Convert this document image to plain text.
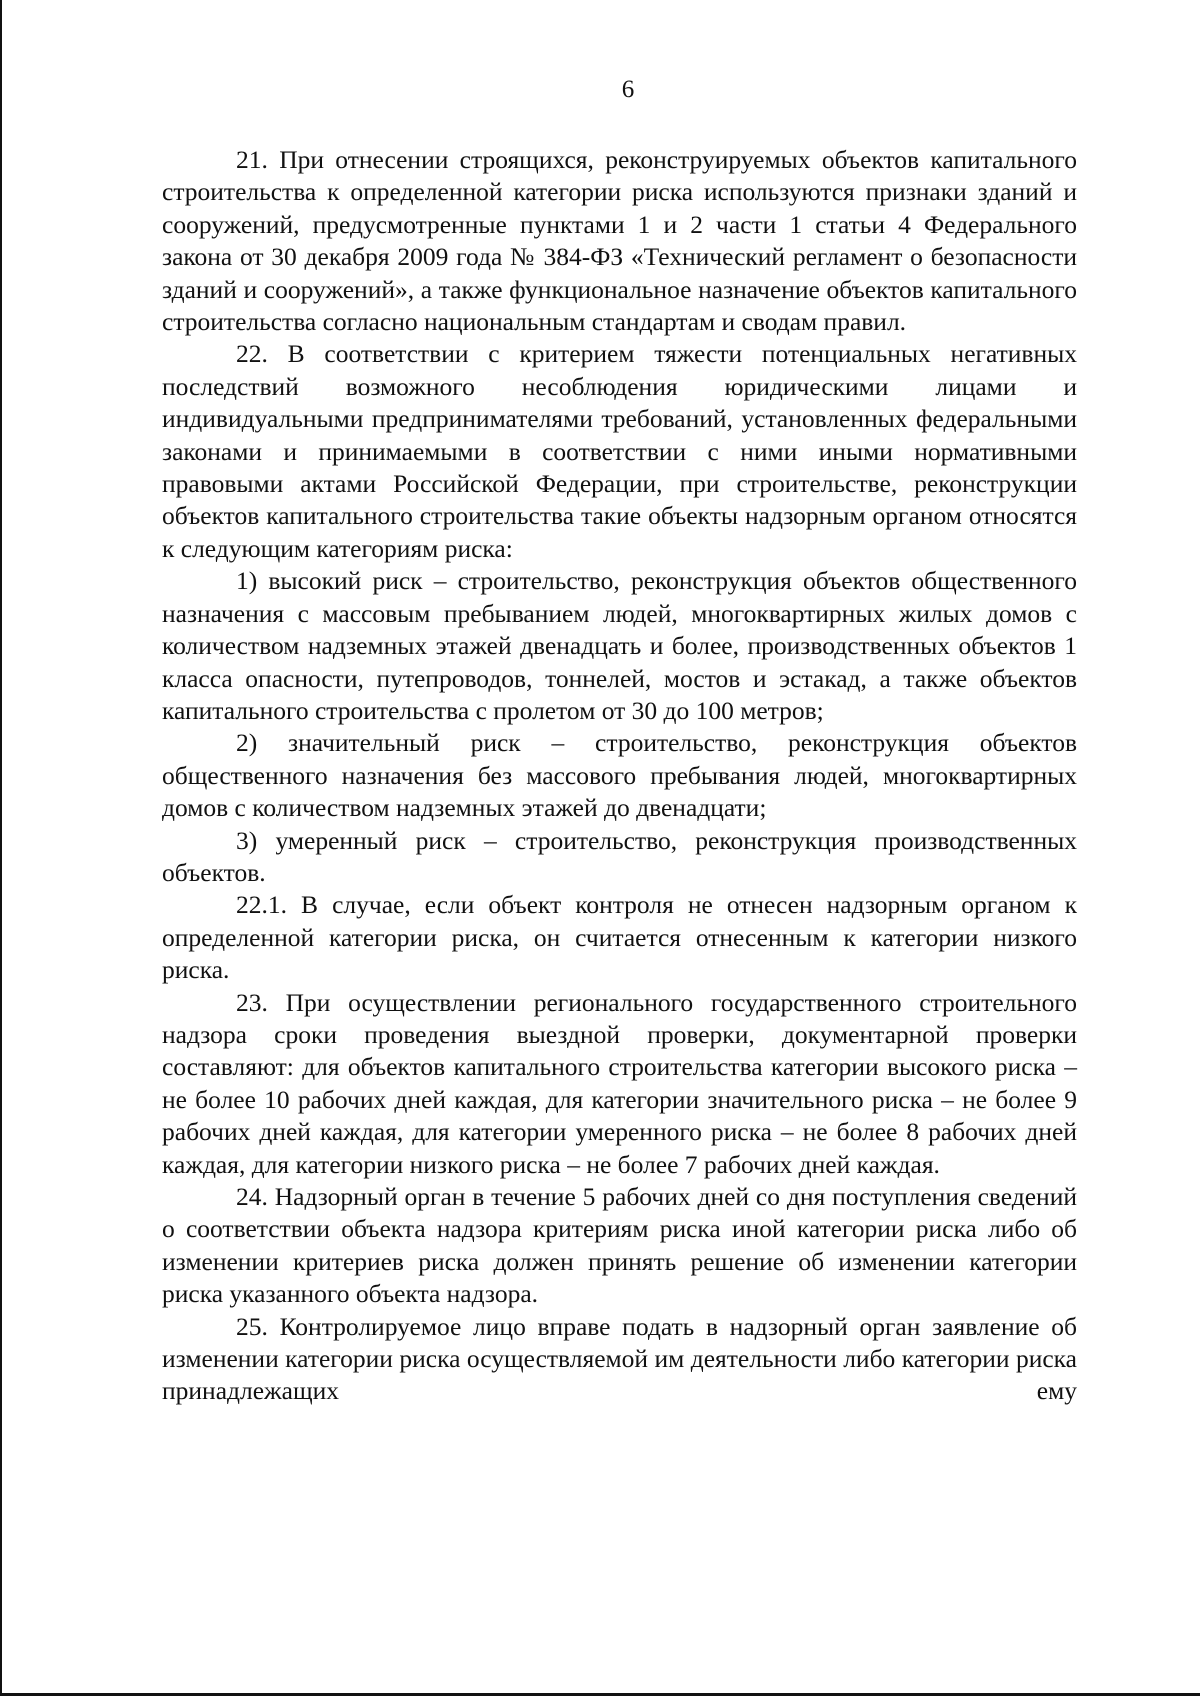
6

21. При отнесении строящихся, реконструируемых объектов капитального строительства к определенной категории риска используются признаки зданий и сооружений, предусмотренные пунктами 1 и 2 части 1 статьи 4 Федерального закона от 30 декабря 2009 года № 384-ФЗ «Технический регламент о безопасности зданий и сооружений», а также функциональное назначение объектов капитального строительства согласно национальным стандартам и сводам правил.

22. В соответствии с критерием тяжести потенциальных негативных последствий возможного несоблюдения юридическими лицами и индивидуальными предпринимателями требований, установленных федеральными законами и принимаемыми в соответствии с ними иными нормативными правовыми актами Российской Федерации, при строительстве, реконструкции объектов капитального строительства такие объекты надзорным органом относятся к следующим категориям риска:

1) высокий риск – строительство, реконструкция объектов общественного назначения с массовым пребыванием людей, многоквартирных жилых домов с количеством надземных этажей двенадцать и более, производственных объектов 1 класса опасности, путепроводов, тоннелей, мостов и эстакад, а также объектов капитального строительства с пролетом от 30 до 100 метров;

2) значительный риск – строительство, реконструкция объектов общественного назначения без массового пребывания людей, многоквартирных домов с количеством надземных этажей до двенадцати;

3) умеренный риск – строительство, реконструкция производственных объектов.

22.1. В случае, если объект контроля не отнесен надзорным органом к определенной категории риска, он считается отнесенным к категории низкого риска.

23. При осуществлении регионального государственного строительного надзора сроки проведения выездной проверки, документарной проверки составляют: для объектов капитального строительства категории высокого риска – не более 10 рабочих дней каждая, для категории значительного риска – не более 9 рабочих дней каждая, для категории умеренного риска – не более 8 рабочих дней каждая, для категории низкого риска – не более 7 рабочих дней каждая.

24. Надзорный орган в течение 5 рабочих дней со дня поступления сведений о соответствии объекта надзора критериям риска иной категории риска либо об изменении критериев риска должен принять решение об изменении категории риска указанного объекта надзора.

25. Контролируемое лицо вправе подать в надзорный орган заявление об изменении категории риска осуществляемой им деятельности либо категории риска принадлежащих ему
